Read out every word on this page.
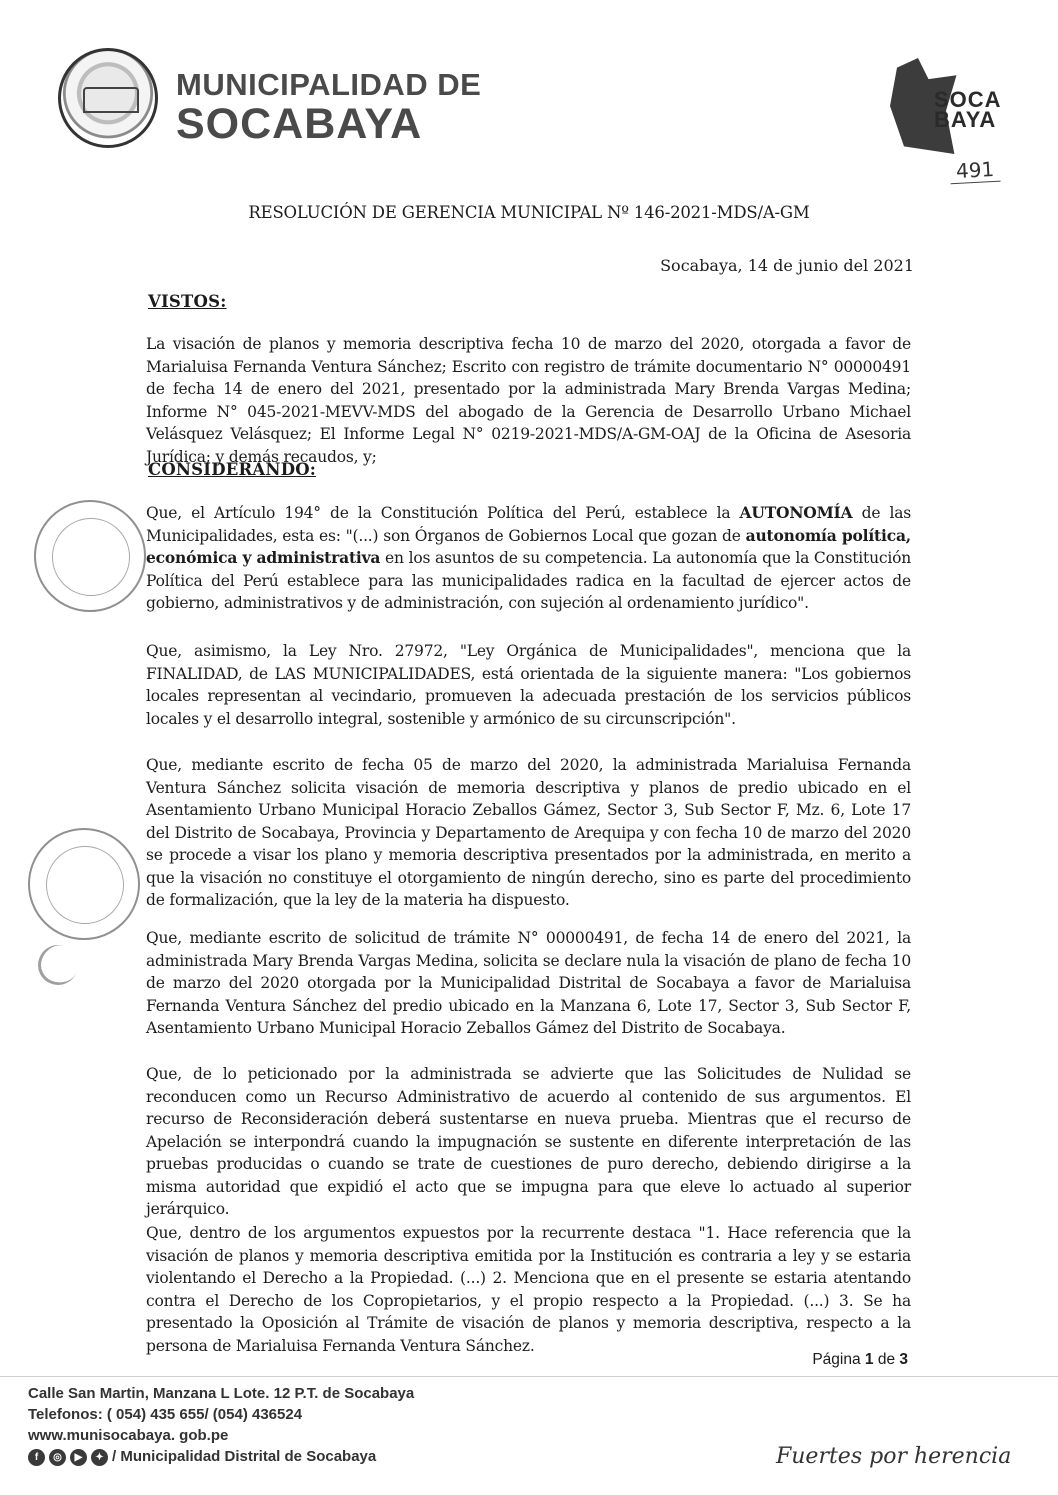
MUNICIPALIDAD DE
SOCABAYA
SOCA
BAYA
491
RESOLUCIÓN DE GERENCIA MUNICIPAL Nº 146-2021-MDS/A-GM
Socabaya, 14 de junio del 2021
VISTOS:
La visación de planos y memoria descriptiva fecha 10 de marzo del 2020, otorgada a favor de Marialuisa Fernanda Ventura Sánchez; Escrito con registro de trámite documentario N° 00000491 de fecha 14 de enero del 2021, presentado por la administrada Mary Brenda Vargas Medina; Informe N° 045-2021-MEVV-MDS del abogado de la Gerencia de Desarrollo Urbano Michael Velásquez Velásquez; El Informe Legal N° 0219-2021-MDS/A-GM-OAJ de la Oficina de Asesoria Jurídica; y demás recaudos, y;
CONSIDERANDO:
Que, el Artículo 194° de la Constitución Política del Perú, establece la AUTONOMÍA de las Municipalidades, esta es: "(...) son Órganos de Gobiernos Local que gozan de autonomía política, económica y administrativa en los asuntos de su competencia. La autonomía que la Constitución Política del Perú establece para las municipalidades radica en la facultad de ejercer actos de gobierno, administrativos y de administración, con sujeción al ordenamiento jurídico".
Que, asimismo, la Ley Nro. 27972, "Ley Orgánica de Municipalidades", menciona que la FINALIDAD, de LAS MUNICIPALIDADES, está orientada de la siguiente manera: "Los gobiernos locales representan al vecindario, promueven la adecuada prestación de los servicios públicos locales y el desarrollo integral, sostenible y armónico de su circunscripción".
Que, mediante escrito de fecha 05 de marzo del 2020, la administrada Marialuisa Fernanda Ventura Sánchez solicita visación de memoria descriptiva y planos de predio ubicado en el Asentamiento Urbano Municipal Horacio Zeballos Gámez, Sector 3, Sub Sector F, Mz. 6, Lote 17 del Distrito de Socabaya, Provincia y Departamento de Arequipa y con fecha 10 de marzo del 2020 se procede a visar los plano y memoria descriptiva presentados por la administrada, en merito a que la visación no constituye el otorgamiento de ningún derecho, sino es parte del procedimiento de formalización, que la ley de la materia ha dispuesto.
Que, mediante escrito de solicitud de trámite N° 00000491, de fecha 14 de enero del 2021, la administrada Mary Brenda Vargas Medina, solicita se declare nula la visación de plano de fecha 10 de marzo del 2020 otorgada por la Municipalidad Distrital de Socabaya a favor de Marialuisa Fernanda Ventura Sánchez del predio ubicado en la Manzana 6, Lote 17, Sector 3, Sub Sector F, Asentamiento Urbano Municipal Horacio Zeballos Gámez del Distrito de Socabaya.
Que, de lo peticionado por la administrada se advierte que las Solicitudes de Nulidad se reconducen como un Recurso Administrativo de acuerdo al contenido de sus argumentos. El recurso de Reconsideración deberá sustentarse en nueva prueba. Mientras que el recurso de Apelación se interpondrá cuando la impugnación se sustente en diferente interpretación de las pruebas producidas o cuando se trate de cuestiones de puro derecho, debiendo dirigirse a la misma autoridad que expidió el acto que se impugna para que eleve lo actuado al superior jerárquico.
Que, dentro de los argumentos expuestos por la recurrente destaca "1. Hace referencia que la visación de planos y memoria descriptiva emitida por la Institución es contraria a ley y se estaria violentando el Derecho a la Propiedad. (...) 2. Menciona que en el presente se estaria atentando contra el Derecho de los Copropietarios, y el propio respecto a la Propiedad. (...) 3. Se ha presentado la Oposición al Trámite de visación de planos y memoria descriptiva, respecto a la persona de Marialuisa Fernanda Ventura Sánchez.
Página 1 de 3
Calle San Martin, Manzana L Lote. 12 P.T. de Socabaya
Telefonos: ( 054) 435 655/ (054) 436524
www.munisocabaya. gob.pe
f	◎	▶	✦ / Municipalidad Distrital de Socabaya	Fuertes por herencia
